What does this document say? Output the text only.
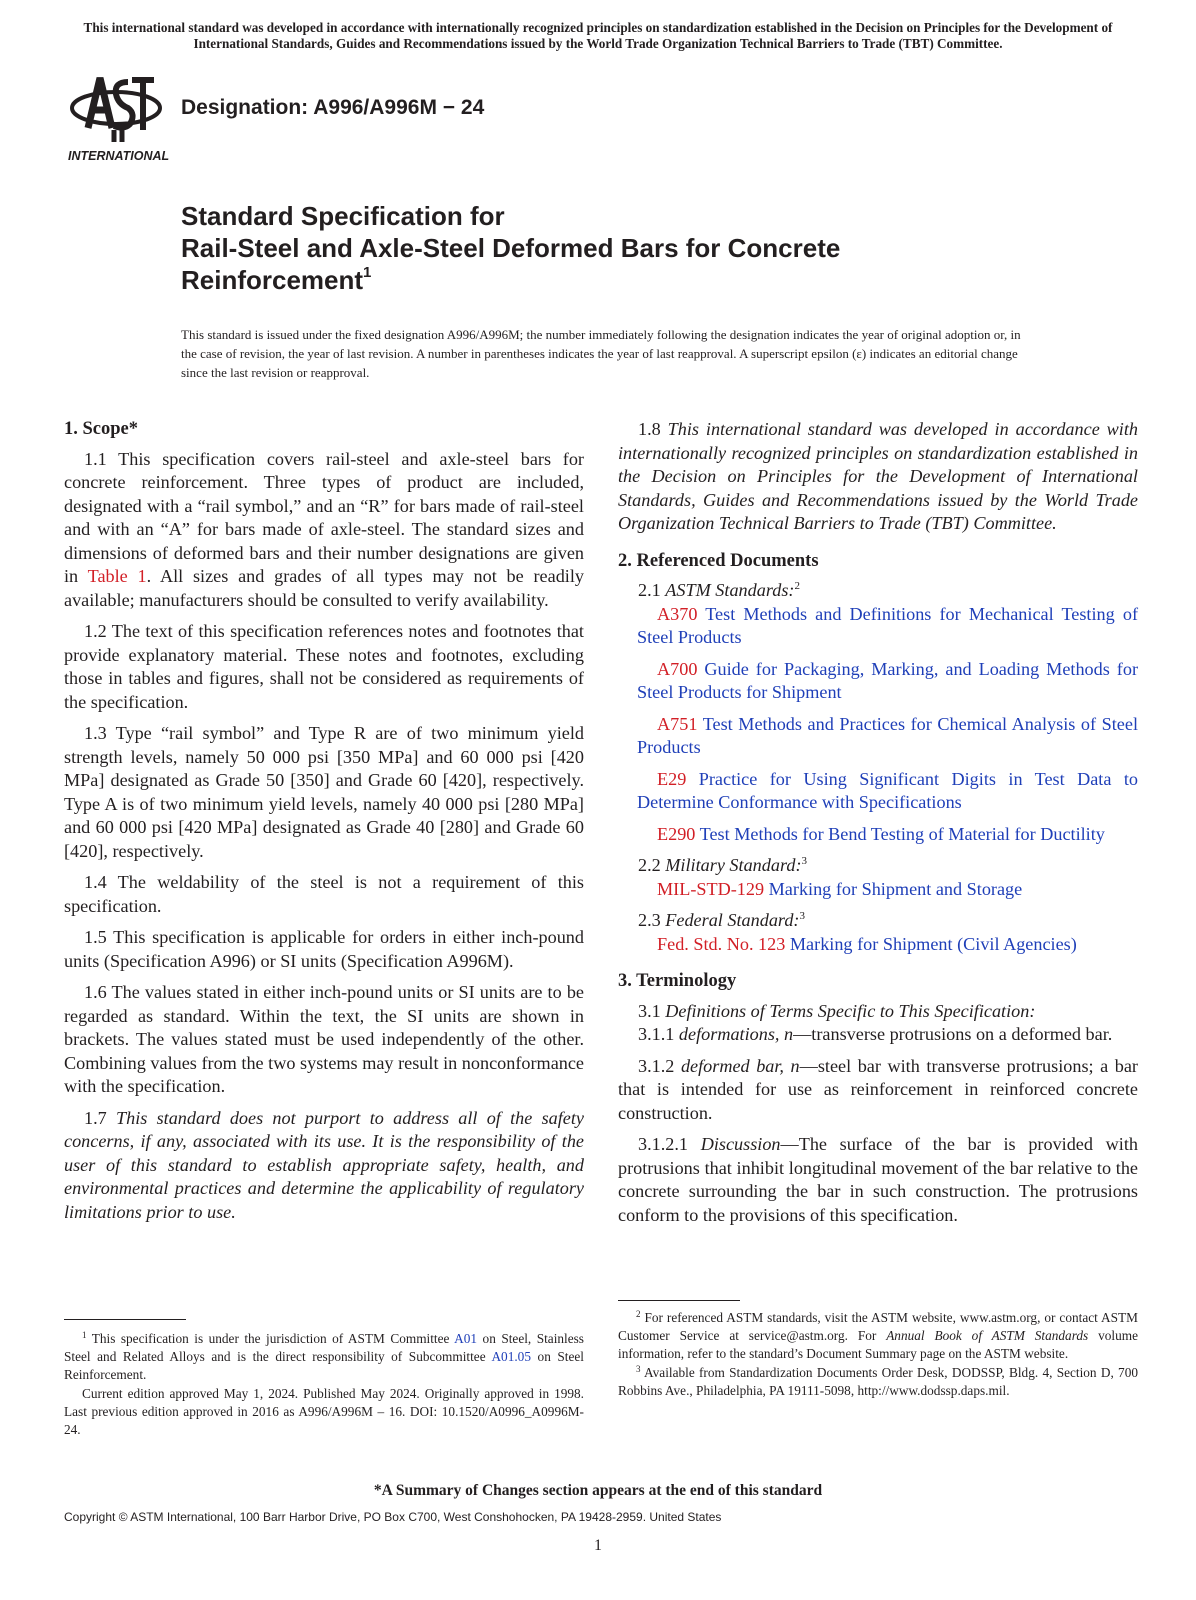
This international standard was developed in accordance with internationally recognized principles on standardization established in the Decision on Principles for the Development of International Standards, Guides and Recommendations issued by the World Trade Organization Technical Barriers to Trade (TBT) Committee.
INTERNATIONAL
Designation: A996/A996M − 24
Standard Specification for
Rail-Steel and Axle-Steel Deformed Bars for Concrete
Reinforcement$^1$
This standard is issued under the fixed designation A996/A996M; the number immediately following the designation indicates the year of original adoption or, in the case of revision, the year of last revision. A number in parentheses indicates the year of last reapproval. A superscript epsilon (ε) indicates an editorial change since the last revision or reapproval.
1. Scope*

1.1 This specification covers rail-steel and axle-steel bars for concrete reinforcement. Three types of product are included, designated with a “rail symbol,” and an “R” for bars made of rail-steel and with an “A” for bars made of axle-steel. The standard sizes and dimensions of deformed bars and their number designations are given in Table 1. All sizes and grades of all types may not be readily available; manufacturers should be consulted to verify availability.

1.2 The text of this specification references notes and footnotes that provide explanatory material. These notes and footnotes, excluding those in tables and figures, shall not be considered as requirements of the specification.

1.3 Type “rail symbol” and Type R are of two minimum yield strength levels, namely 50 000 psi [350 MPa] and 60 000 psi [420 MPa] designated as Grade 50 [350] and Grade 60 [420], respectively. Type A is of two minimum yield levels, namely 40 000 psi [280 MPa] and 60 000 psi [420 MPa] designated as Grade 40 [280] and Grade 60 [420], respectively.

1.4 The weldability of the steel is not a requirement of this specification.

1.5 This specification is applicable for orders in either inch-pound units (Specification A996) or SI units (Specification A996M).

1.6 The values stated in either inch-pound units or SI units are to be regarded as standard. Within the text, the SI units are shown in brackets. The values stated must be used independently of the other. Combining values from the two systems may result in nonconformance with the specification.

1.7 This standard does not purport to address all of the safety concerns, if any, associated with its use. It is the responsibility of the user of this standard to establish appropriate safety, health, and environmental practices and determine the applicability of regulatory limitations prior to use.

1.8 This international standard was developed in accordance with internationally recognized principles on standardization established in the Decision on Principles for the Development of International Standards, Guides and Recommendations issued by the World Trade Organization Technical Barriers to Trade (TBT) Committee.

2. Referenced Documents

2.1 ASTM Standards:$^2$

A370 Test Methods and Definitions for Mechanical Testing of Steel Products

A700 Guide for Packaging, Marking, and Loading Methods for Steel Products for Shipment

A751 Test Methods and Practices for Chemical Analysis of Steel Products

E29 Practice for Using Significant Digits in Test Data to Determine Conformance with Specifications

E290 Test Methods for Bend Testing of Material for Ductility

2.2 Military Standard:$^3$

MIL-STD-129 Marking for Shipment and Storage

2.3 Federal Standard:$^3$

Fed. Std. No. 123 Marking for Shipment (Civil Agencies)

3. Terminology

3.1 Definitions of Terms Specific to This Specification:

3.1.1 deformations, n—transverse protrusions on a deformed bar.

3.1.2 deformed bar, n—steel bar with transverse protrusions; a bar that is intended for use as reinforcement in reinforced concrete construction.

3.1.2.1 Discussion—The surface of the bar is provided with protrusions that inhibit longitudinal movement of the bar relative to the concrete surrounding the bar in such construction. The protrusions conform to the provisions of this specification.

$^1$ This specification is under the jurisdiction of ASTM Committee A01 on Steel, Stainless Steel and Related Alloys and is the direct responsibility of Subcommittee A01.05 on Steel Reinforcement.

Current edition approved May 1, 2024. Published May 2024. Originally approved in 1998. Last previous edition approved in 2016 as A996/A996M – 16. DOI: 10.1520/A0996_A0996M-24.

$^2$ For referenced ASTM standards, visit the ASTM website, www.astm.org, or contact ASTM Customer Service at service@astm.org. For Annual Book of ASTM Standards volume information, refer to the standard’s Document Summary page on the ASTM website.

$^3$ Available from Standardization Documents Order Desk, DODSSP, Bldg. 4, Section D, 700 Robbins Ave., Philadelphia, PA 19111-5098, http://www.dodssp.daps.mil.

*A Summary of Changes section appears at the end of this standard
Copyright © ASTM International, 100 Barr Harbor Drive, PO Box C700, West Conshohocken, PA 19428-2959. United States
1
